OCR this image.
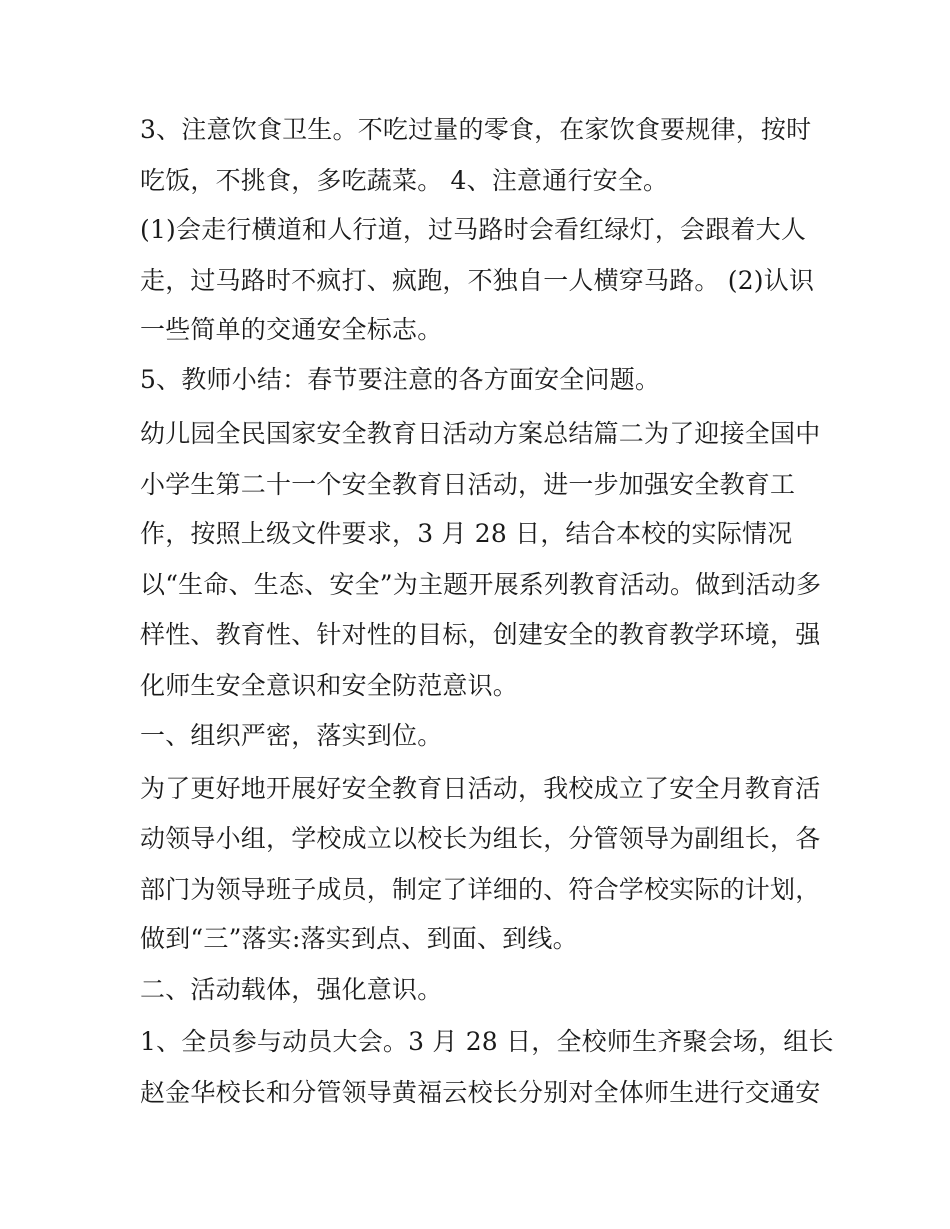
3、注意饮食卫生。不吃过量的零食，在家饮食要规律，按时
吃饭，不挑食，多吃蔬菜。 4、注意通行安全。
(1)会走行横道和人行道，过马路时会看红绿灯，会跟着大人
走，过马路时不疯打、疯跑，不独自一人横穿马路。 (2)认识
一些简单的交通安全标志。
5、教师小结：春节要注意的各方面安全问题。
幼儿园全民国家安全教育日活动方案总结篇二为了迎接全国中
小学生第二十一个安全教育日活动，进一步加强安全教育工
作，按照上级文件要求，3 月 28 日，结合本校的实际情况
以“生命、生态、安全”为主题开展系列教育活动。做到活动多
样性、教育性、针对性的目标，创建安全的教育教学环境，强
化师生安全意识和安全防范意识。
一、组织严密，落实到位。
为了更好地开展好安全教育日活动，我校成立了安全月教育活
动领导小组，学校成立以校长为组长，分管领导为副组长，各
部门为领导班子成员，制定了详细的、符合学校实际的计划，
做到“三”落实:落实到点、到面、到线。
二、活动载体，强化意识。
1、全员参与动员大会。3 月 28 日，全校师生齐聚会场，组长
赵金华校长和分管领导黄福云校长分别对全体师生进行交通安
